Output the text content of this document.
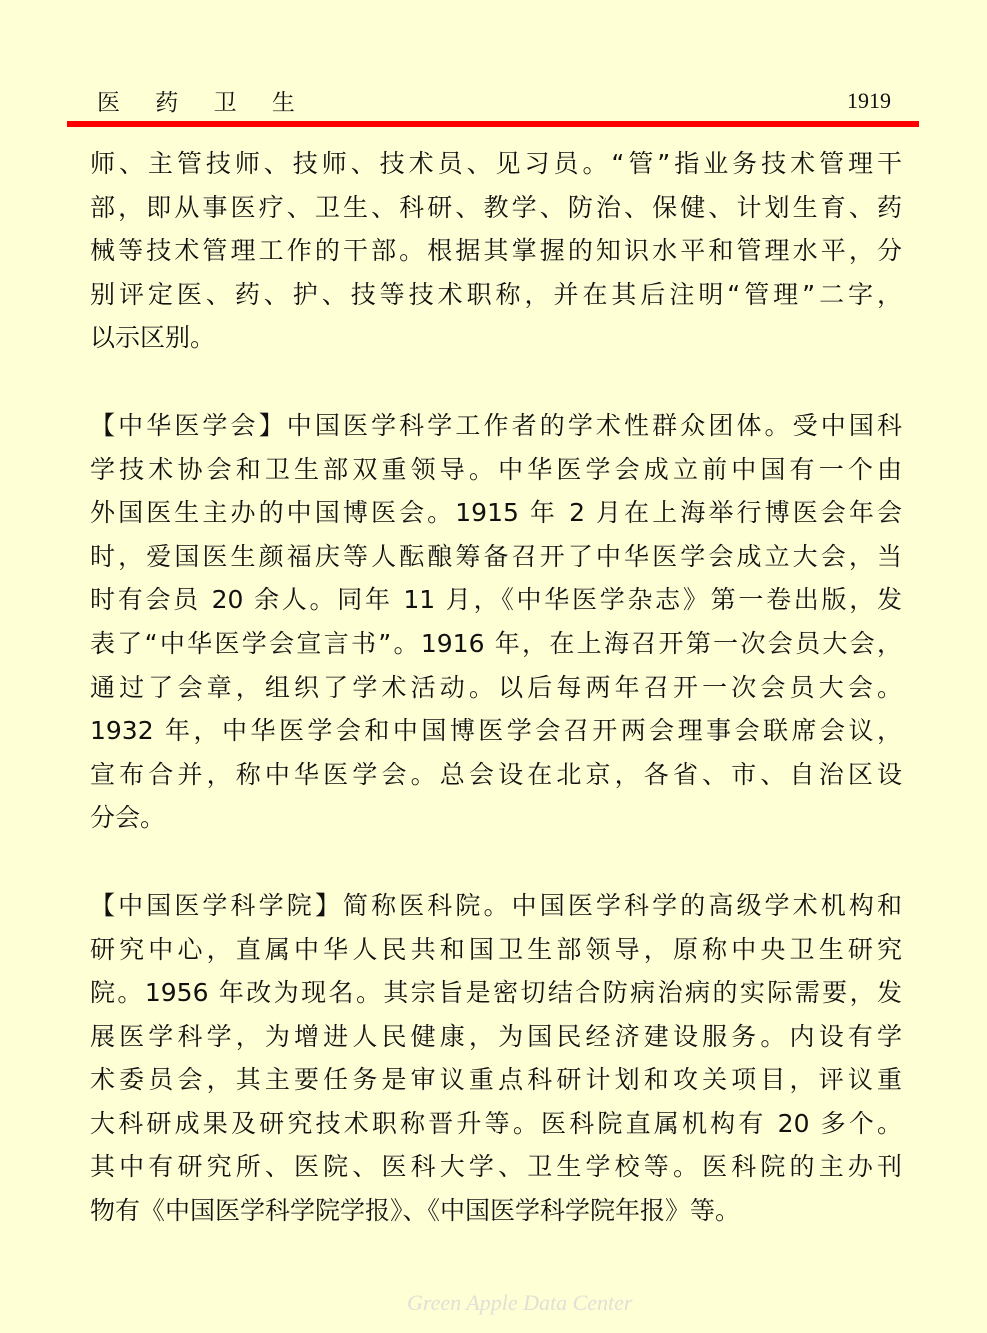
医 药 卫 生	1919
师、主管技师、技师、技术员、见习员。“管”指业务技术管理干
部，即从事医疗、卫生、科研、教学、防治、保健、计划生育、药
械等技术管理工作的干部。根据其掌握的知识水平和管理水平，分
别评定医、药、护、技等技术职称，并在其后注明“管理”二字，
以示区别。
【中华医学会】中国医学科学工作者的学术性群众团体。受中国科
学技术协会和卫生部双重领导。中华医学会成立前中国有一个由
外国医生主办的中国博医会。1915 年 2 月在上海举行博医会年会
时，爱国医生颜福庆等人酝酿筹备召开了中华医学会成立大会，当
时有会员 20 余人。同年 11 月，《中华医学杂志》第一卷出版，发
表了“中华医学会宣言书”。1916 年，在上海召开第一次会员大会，
通过了会章，组织了学术活动。以后每两年召开一次会员大会。
1932 年，中华医学会和中国博医学会召开两会理事会联席会议，
宣布合并，称中华医学会。总会设在北京，各省、市、自治区设
分会。
【中国医学科学院】简称医科院。中国医学科学的高级学术机构和
研究中心，直属中华人民共和国卫生部领导，原称中央卫生研究
院。1956 年改为现名。其宗旨是密切结合防病治病的实际需要，发
展医学科学，为增进人民健康，为国民经济建设服务。内设有学
术委员会，其主要任务是审议重点科研计划和攻关项目，评议重
大科研成果及研究技术职称晋升等。医科院直属机构有 20 多个。
其中有研究所、医院、医科大学、卫生学校等。医科院的主办刊
物有《中国医学科学院学报》、《中国医学科学院年报》等。
Green Apple Data Center
